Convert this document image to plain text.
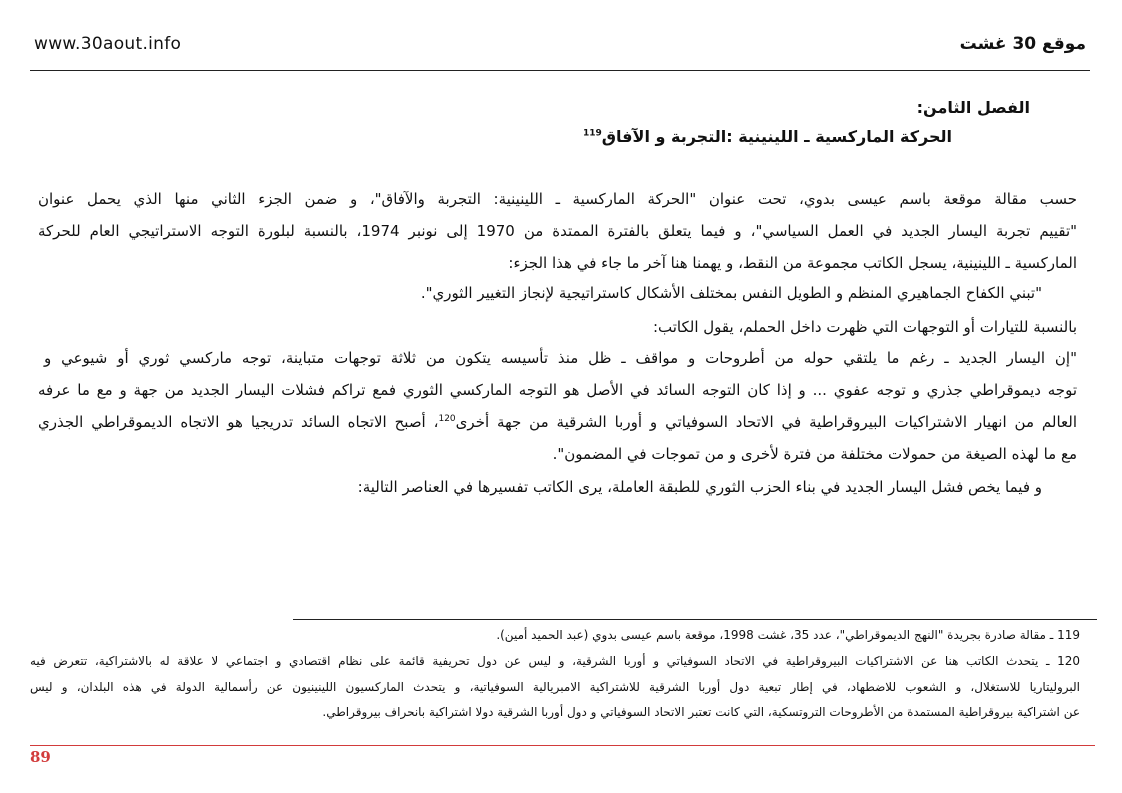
www.30aout.info	موقع 30 غشت
الفصل الثامن:
الحركة الماركسية ـ اللينينية :التجربة و الآفاق$^{119}$
حسب مقالة موقعة باسم عيسى بدوي، تحت عنوان "الحركة الماركسية ـ اللينينية: التجربة والآفاق"، و ضمن الجزء الثاني منها الذي يحمل عنوان
"تقييم تجربة اليسار الجديد في العمل السياسي"، و فيما يتعلق بالفترة الممتدة من 1970 إلى نونبر 1974، بالنسبة لبلورة التوجه الاستراتيجي العام للحركة
الماركسية ـ اللينينية، يسجل الكاتب مجموعة من النقط، و يهمنا هنا آخر ما جاء في هذا الجزء:
"تبني الكفاح الجماهيري المنظم و الطويل النفس بمختلف الأشكال كاستراتيجية لإنجاز التغيير الثوري".
بالنسبة للتيارات أو التوجهات التي ظهرت داخل الحملم، يقول الكاتب:
"إن اليسار الجديد ـ رغم ما يلتقي حوله من أطروحات و مواقف ـ ظل منذ تأسيسه يتكون من ثلاثة توجهات متباينة، توجه ماركسي ثوري أو شيوعي و
توجه ديموقراطي جذري و توجه عفوي ... و إذا كان التوجه السائد في الأصل هو التوجه الماركسي الثوري فمع تراكم فشلات اليسار الجديد من جهة و مع ما عرفه
العالم من انهيار الاشتراكيات البيروقراطية في الاتحاد السوفياتي و أوربا الشرقية من جهة أخرى$^{120}$، أصبح الاتجاه السائد تدريجيا هو الاتجاه الديموقراطي الجذري
مع ما لهذه الصيغة من حمولات مختلفة من فترة لأخرى و من تموجات في المضمون".
و فيما يخص فشل اليسار الجديد في بناء الحزب الثوري للطبقة العاملة، يرى الكاتب تفسيرها في العناصر التالية:
119 ـ مقالة صادرة بجريدة "النهج الديموقراطي"، عدد 35، غشت 1998، موقعة باسم عيسى بدوي (عبد الحميد أمين).
120 ـ يتحدث الكاتب هنا عن الاشتراكيات البيروقراطية في الاتحاد السوفياتي و أوربا الشرقية، و ليس عن دول تحريفية قائمة على نظام اقتصادي و اجتماعي لا علاقة له بالاشتراكية، تتعرض فيه
البروليتاريا للاستغلال، و الشعوب للاضطهاد، في إطار تبعية دول أوربا الشرقية للاشتراكية الامبريالية السوفياتية، و يتحدث الماركسيون اللينينيون عن رأسمالية الدولة في هذه البلدان، و ليس
عن اشتراكية بيروقراطية المستمدة من الأطروحات التروتسكية، التي كانت تعتبر الاتحاد السوفياتي و دول أوربا الشرقية دولا اشتراكية بانحراف بيروقراطي.
89
